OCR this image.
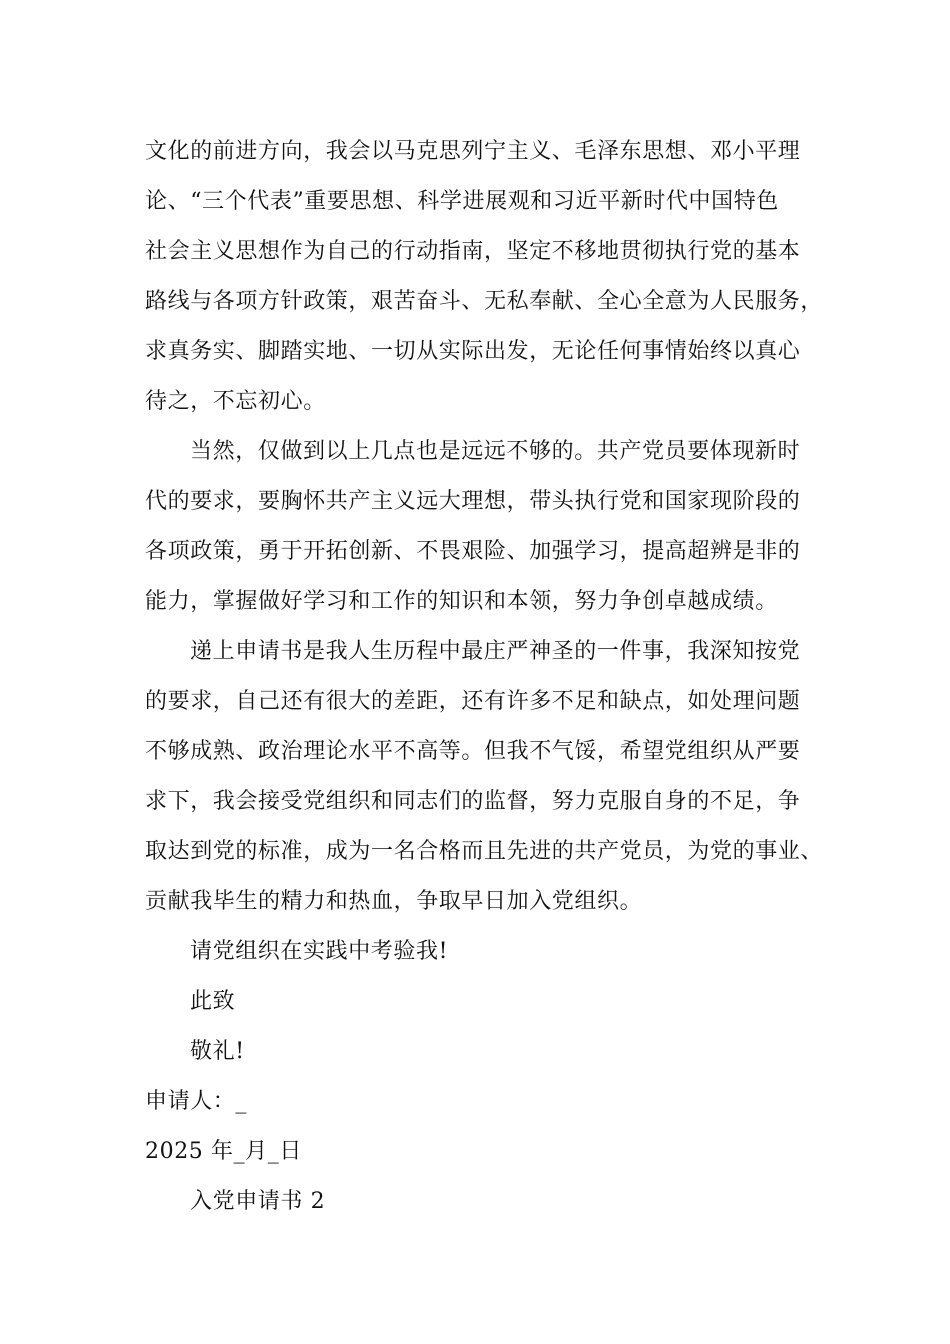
文化的前进方向，我会以马克思列宁主义、毛泽东思想、邓小平理
论、“三个代表”重要思想、科学进展观和习近平新时代中国特色
社会主义思想作为自己的行动指南，坚定不移地贯彻执行党的基本
路线与各项方针政策，艰苦奋斗、无私奉献、全心全意为人民服务，
求真务实、脚踏实地、一切从实际出发，无论任何事情始终以真心
待之，不忘初心。
当然，仅做到以上几点也是远远不够的。共产党员要体现新时
代的要求，要胸怀共产主义远大理想，带头执行党和国家现阶段的
各项政策，勇于开拓创新、不畏艰险、加强学习，提高超辨是非的
能力，掌握做好学习和工作的知识和本领，努力争创卓越成绩。
递上申请书是我人生历程中最庄严神圣的一件事，我深知按党
的要求，自己还有很大的差距，还有许多不足和缺点，如处理问题
不够成熟、政治理论水平不高等。但我不气馁，希望党组织从严要
求下，我会接受党组织和同志们的监督，努力克服自身的不足，争
取达到党的标准，成为一名合格而且先进的共产党员，为党的事业、
贡献我毕生的精力和热血，争取早日加入党组织。
请党组织在实践中考验我!
此致
敬礼!
申请人：_
2025 年_月_日
入党申请书 2
